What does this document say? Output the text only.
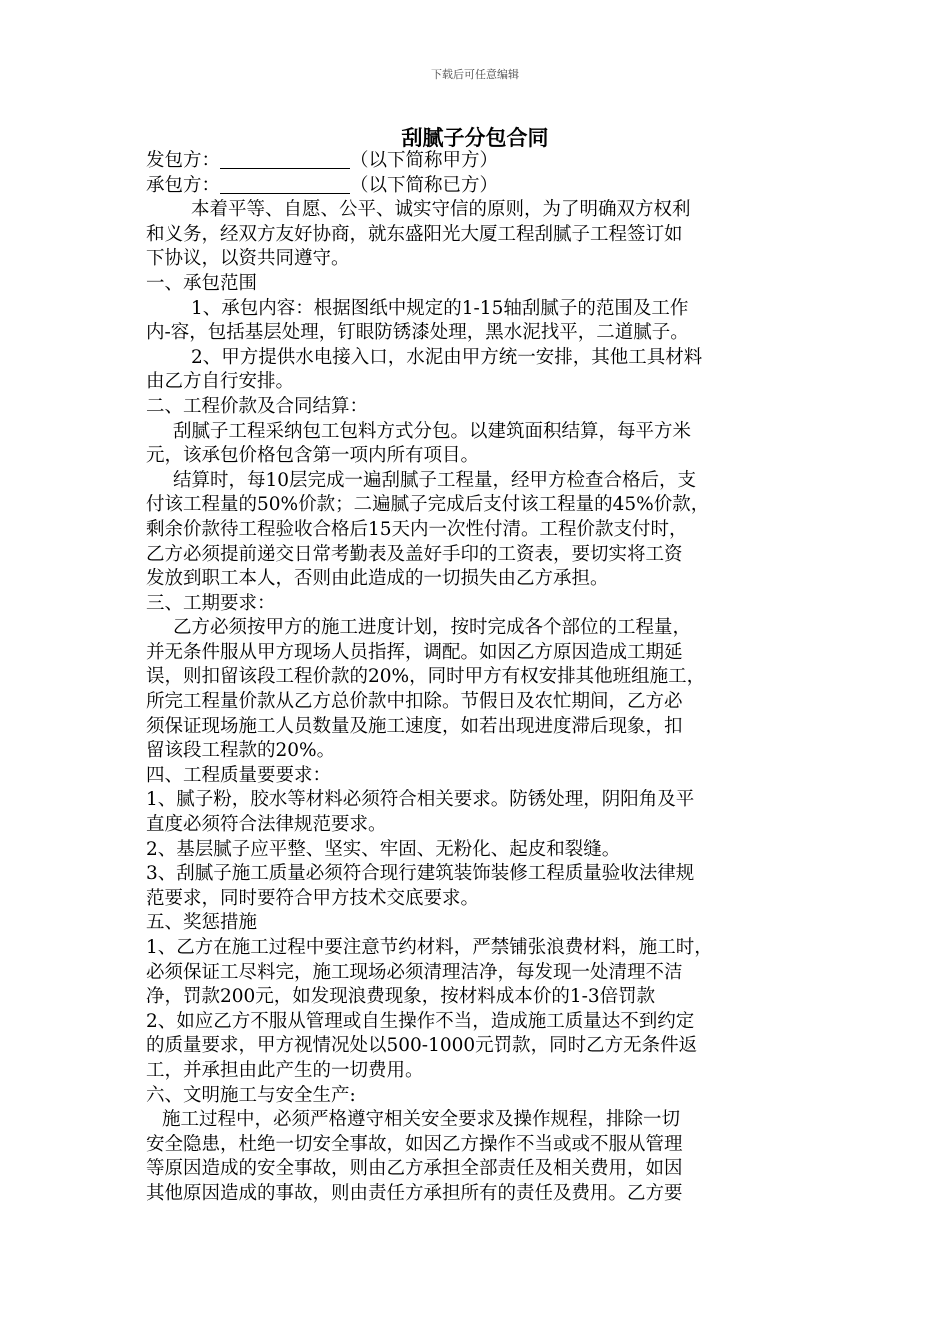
下载后可任意编辑
刮腻子分包合同
发包方：	（以下简称甲方）
承包方：	（以下简称已方）
本着平等、自愿、公平、诚实守信的原则，为了明确双方权利
和义务，经双方友好协商，就东盛阳光大厦工程刮腻子工程签订如
下协议，以资共同遵守。
一、承包范围
1、承包内容：根据图纸中规定的1-15轴刮腻子的范围及工作
内-容，包括基层处理，钉眼防锈漆处理，黑水泥找平，二道腻子。
2、甲方提供水电接入口，水泥由甲方统一安排，其他工具材料
由乙方自行安排。
二、工程价款及合同结算：
刮腻子工程采纳包工包料方式分包。以建筑面积结算，每平方米
元，该承包价格包含第一项内所有项目。
结算时，每10层完成一遍刮腻子工程量，经甲方检查合格后，支
付该工程量的50%价款；二遍腻子完成后支付该工程量的45%价款，
剩余价款待工程验收合格后15天内一次性付清。工程价款支付时，
乙方必须提前递交日常考勤表及盖好手印的工资表，要切实将工资
发放到职工本人，否则由此造成的一切损失由乙方承担。
三、工期要求：
乙方必须按甲方的施工进度计划，按时完成各个部位的工程量，
并无条件服从甲方现场人员指挥，调配。如因乙方原因造成工期延
误，则扣留该段工程价款的20%，同时甲方有权安排其他班组施工，
所完工程量价款从乙方总价款中扣除。节假日及农忙期间，乙方必
须保证现场施工人员数量及施工速度，如若出现进度滞后现象，扣
留该段工程款的20%。
四、工程质量要要求：
1、腻子粉，胶水等材料必须符合相关要求。防锈处理，阴阳角及平
直度必须符合法律规范要求。
2、基层腻子应平整、坚实、牢固、无粉化、起皮和裂缝。
3、刮腻子施工质量必须符合现行建筑装饰装修工程质量验收法律规
范要求，同时要符合甲方技术交底要求。
五、奖惩措施
1、乙方在施工过程中要注意节约材料，严禁铺张浪费材料，施工时，
必须保证工尽料完，施工现场必须清理洁净，每发现一处清理不洁
净，罚款200元，如发现浪费现象，按材料成本价的1-3倍罚款
2、如应乙方不服从管理或自生操作不当，造成施工质量达不到约定
的质量要求，甲方视情况处以500-1000元罚款，同时乙方无条件返
工，并承担由此产生的一切费用。
六、文明施工与安全生产:
施工过程中，必须严格遵守相关安全要求及操作规程，排除一切
安全隐患，杜绝一切安全事故，如因乙方操作不当或或不服从管理
等原因造成的安全事故，则由乙方承担全部责任及相关费用，如因
其他原因造成的事故，则由责任方承担所有的责任及费用。乙方要
